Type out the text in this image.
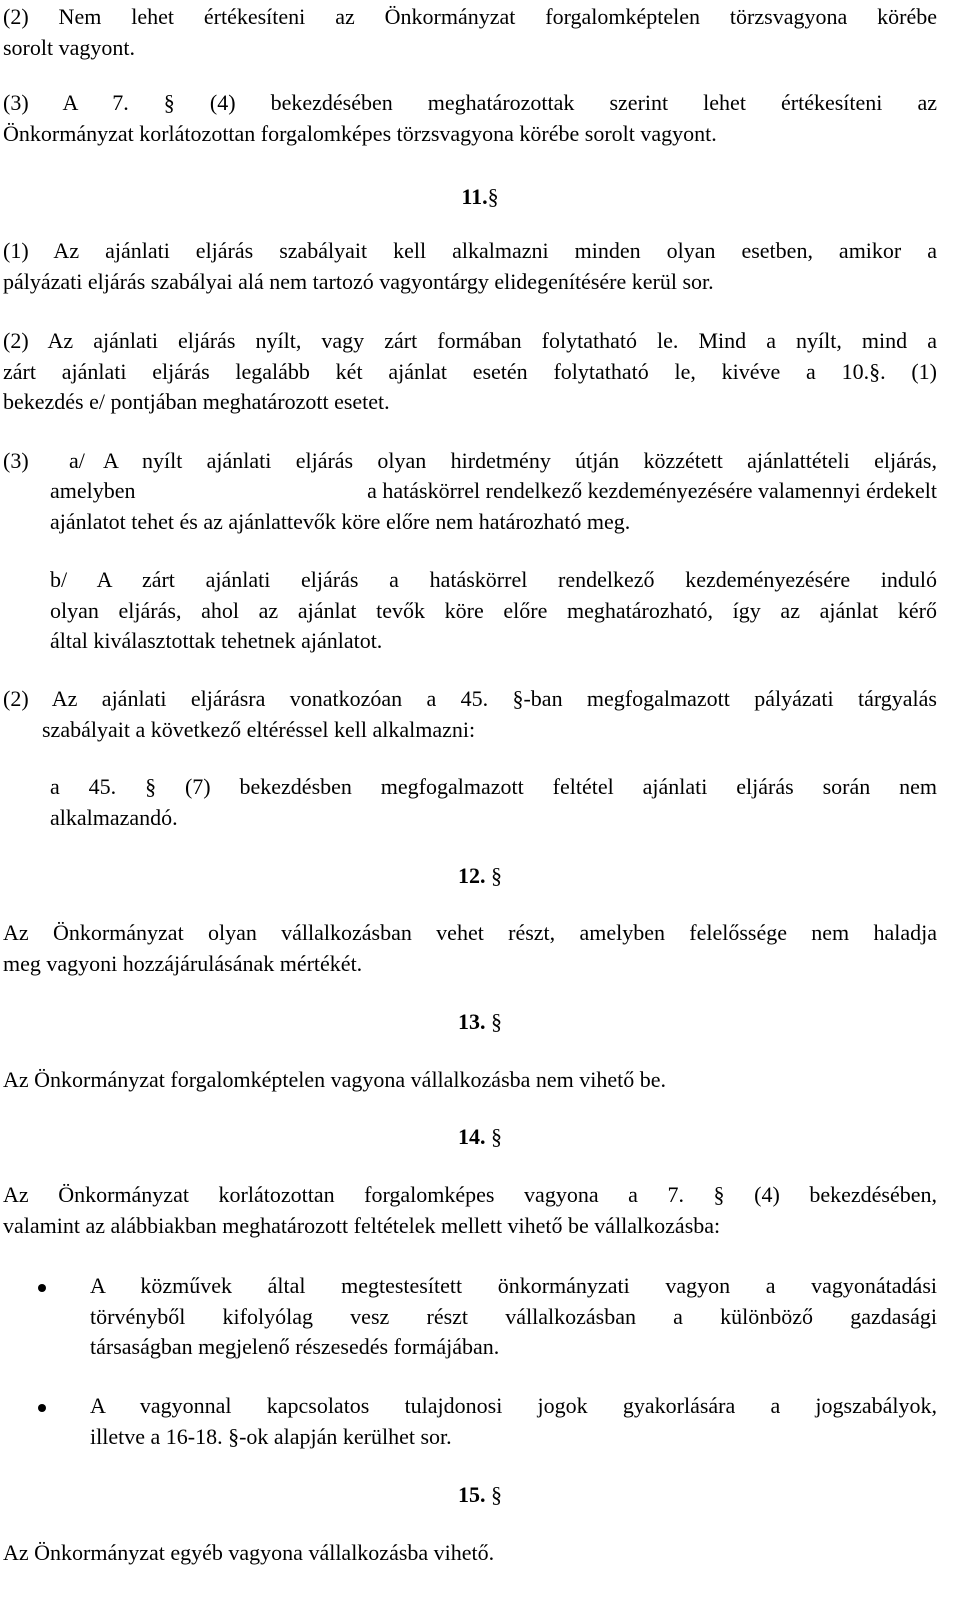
(2) Nem lehet értékesíteni az Önkormányzat forgalomképtelen törzsvagyona körébe
sorolt vagyont.

(3) A 7. § (4) bekezdésében meghatározottak szerint lehet értékesíteni az
Önkormányzat korlátozottan forgalomképes törzsvagyona körébe sorolt vagyont.

11.§

(1) Az ajánlati eljárás szabályait kell alkalmazni minden olyan esetben, amikor a
pályázati eljárás szabályai alá nem tartozó vagyontárgy elidegenítésére kerül sor.

(2) Az ajánlati eljárás nyílt, vagy zárt formában folytatható le. Mind a nyílt, mind a
zárt ajánlati eljárás legalább két ajánlat esetén folytatható le, kivéve a 10.§. (1)
bekezdés e/ pontjában meghatározott esetet.

(3) a/ A nyílt ajánlati eljárás olyan hirdetmény útján közzétett ajánlattételi eljárás,

amelyben	a hatáskörrel rendelkező kezdeményezésére valamennyi érdekelt

ajánlatot tehet és az ajánlattevők köre előre nem határozható meg.

b/ A zárt ajánlati eljárás a hatáskörrel rendelkező kezdeményezésére induló
olyan eljárás, ahol az ajánlat tevők köre előre meghatározható, így az ajánlat kérő
által kiválasztottak tehetnek ajánlatot.

(2) Az ajánlati eljárásra vonatkozóan a 45. §-ban megfogalmazott pályázati tárgyalás
szabályait a következő eltéréssel kell alkalmazni:

a 45. § (7) bekezdésben megfogalmazott feltétel ajánlati eljárás során nem
alkalmazandó.

12. §

Az Önkormányzat olyan vállalkozásban vehet részt, amelyben felelőssége nem haladja
meg vagyoni hozzájárulásának mértékét.

13. §

Az Önkormányzat forgalomképtelen vagyona vállalkozásba nem vihető be.

14. §

Az Önkormányzat korlátozottan forgalomképes vagyona a 7. § (4) bekezdésében,
valamint az alábbiakban meghatározott feltételek mellett vihető be vállalkozásba:

A közművek által megtestesített önkormányzati vagyon a vagyonátadási
törvényből kifolyólag vesz részt vállalkozásban a különböző gazdasági
társaságban megjelenő részesedés formájában.

A vagyonnal kapcsolatos tulajdonosi jogok gyakorlására a jogszabályok,
illetve a 16-18. §-ok alapján kerülhet sor.

15. §

Az Önkormányzat egyéb vagyona vállalkozásba vihető.
